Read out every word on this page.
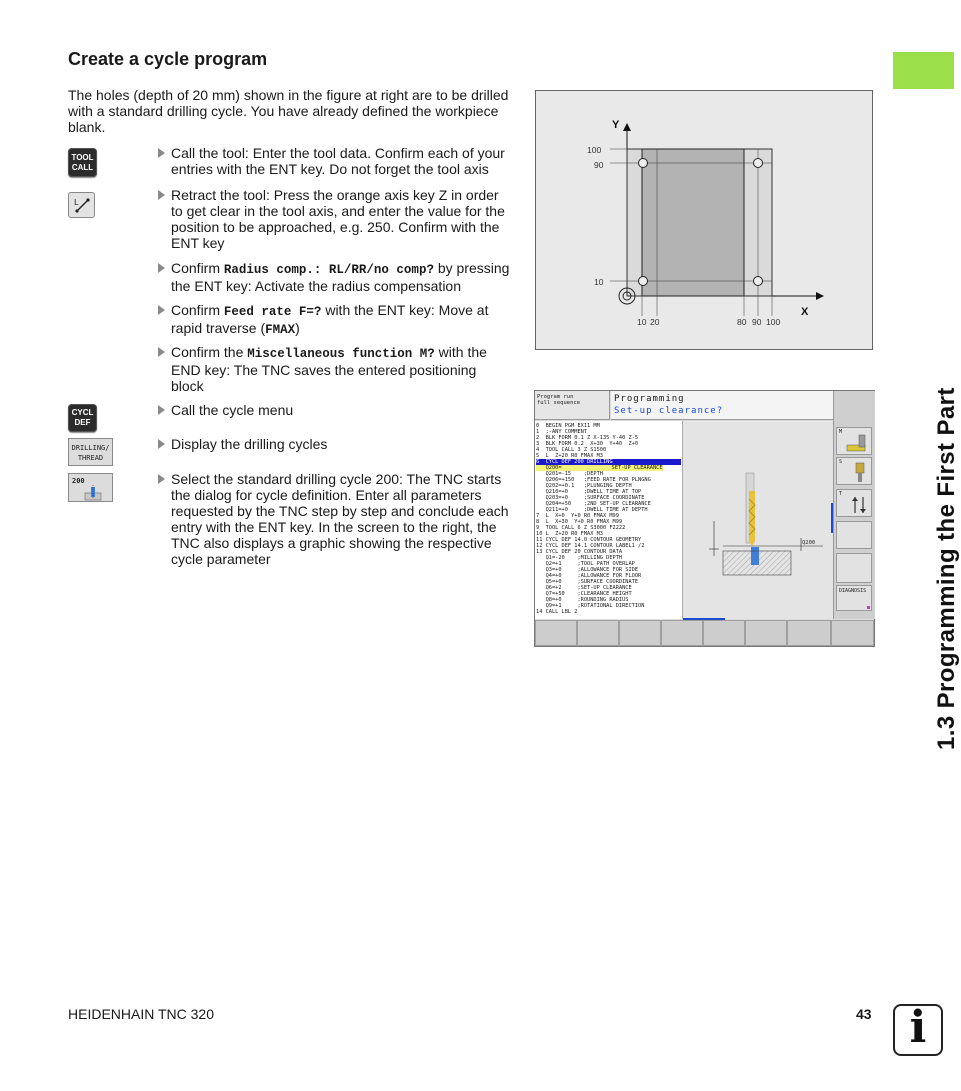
1.3 Programming the First Part
Create a cycle program
The holes (depth of 20 mm) shown in the figure at right are to be drilled with a standard drilling cycle. You have already defined the workpiece blank.
TOOL
CALL
L
CYCL
DEF
DRILLING/
THREAD
200
Call the tool: Enter the tool data. Confirm each of your entries with the ENT key. Do not forget the tool axis
Retract the tool: Press the orange axis key Z in order to get clear in the tool axis, and enter the value for the position to be approached, e.g. 250. Confirm with the ENT key
Confirm Radius comp.: RL/RR/no comp? by pressing the ENT key: Activate the radius compensation
Confirm Feed rate F=? with the ENT key: Move at rapid traverse (FMAX)
Confirm the Miscellaneous function M? with the END key: The TNC saves the entered positioning block
Call the cycle menu
Display the drilling cycles
Select the standard drilling cycle 200: The TNC starts the dialog for cycle definition. Enter all parameters requested by the TNC step by step and conclude each entry with the ENT key. In the screen to the right, the TNC also displays a graphic showing the respective cycle parameter
Y
X
100
90
10
10 20	80 90 100
Program run
full sequence	Programming
Set-up clearance?
0  BEGIN PGM EX11 MM
1  ;-ANY COMMENT
2  BLK FORM 0.1 Z X-135 Y-40 Z-5
3  BLK FORM 0.2  X+30  Y+40  Z+0
4  TOOL CALL 3 Z S1500
5  L  Z+20 R0 FMAX M3
6  CYCL DEF 200 DRILLING
Q200=	SET-UP CLEARANCE
Q201=-15    ;DEPTH
Q206=+150   ;FEED RATE FOR PLNGNG
Q202=+0.1   ;PLUNGING DEPTH
Q210=+0     ;DWELL TIME AT TOP
Q203=+0     ;SURFACE COORDINATE
Q204=+50    ;2ND SET-UP CLEARANCE
Q211=+0     ;DWELL TIME AT DEPTH
7  L  X+0  Y+0 R0 FMAX M99
8  L  X+30  Y+0 R0 FMAX M99
9  TOOL CALL 6 Z S3000 F2222
10 L  Z+20 R0 FMAX M3
11 CYCL DEF 14.0 CONTOUR GEOMETRY
12 CYCL DEF 14.1 CONTOUR LABEL1 /2
13 CYCL DEF 20 CONTOUR DATA
Q1=-20    ;MILLING DEPTH
Q2=+1     ;TOOL PATH OVERLAP
Q3=+0     ;ALLOWANCE FOR SIDE
Q4=+0     ;ALLOWANCE FOR FLOOR
Q5=+0     ;SURFACE COORDINATE
Q6=+2     ;SET-UP CLEARANCE
Q7=+50    ;CLEARANCE HEIGHT
Q8=+0     ;ROUNDING RADIUS
Q9=+1     ;ROTATIONAL DIRECTION
14 CALL LBL 2
Q200
M
S
T
DIAGNOSIS
HEIDENHAIN TNC 320	43 i
